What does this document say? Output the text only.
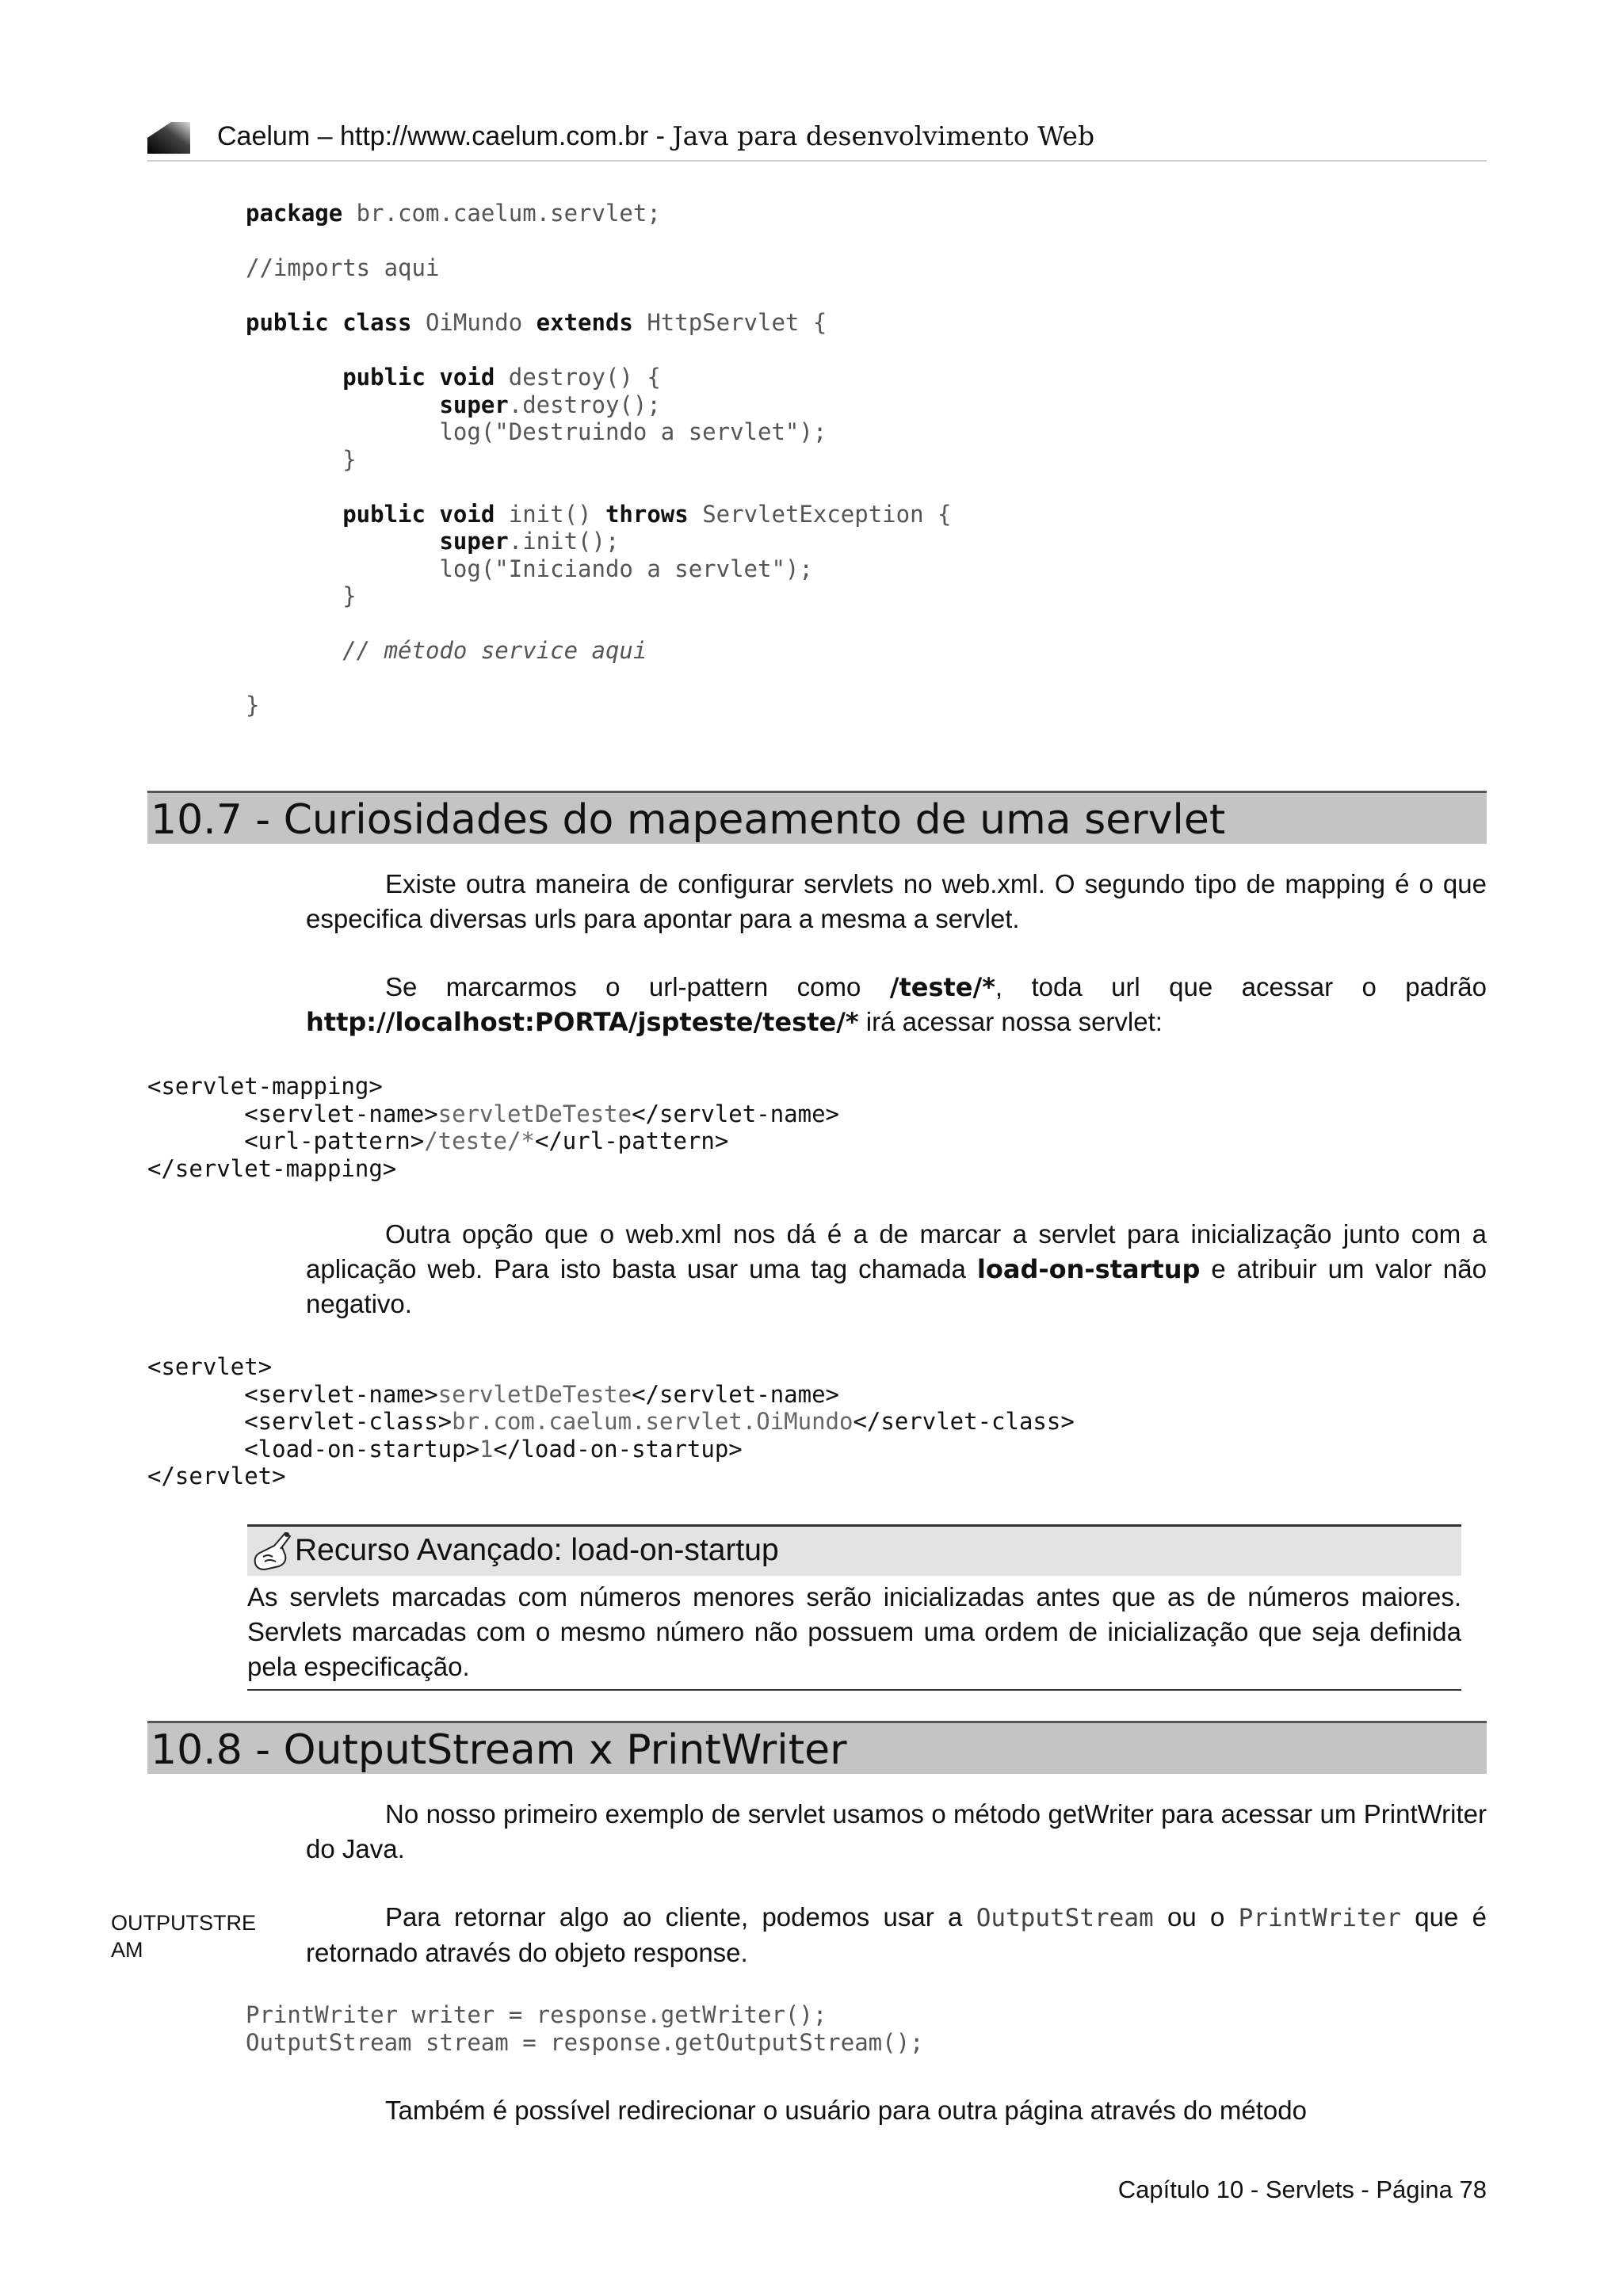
Caelum – http://www.caelum.com.br - Java para desenvolvimento Web
package br.com.caelum.servlet;

//imports aqui

public class OiMundo extends HttpServlet {

public void destroy() {
super.destroy();
log("Destruindo a servlet");
}

public void init() throws ServletException {
super.init();
log("Iniciando a servlet");
}

// método service aqui

}
10.7 - Curiosidades do mapeamento de uma servlet
Existe outra maneira de configurar servlets no web.xml. O segundo tipo de mapping é o que especifica diversas urls para apontar para a mesma a servlet.
Se marcarmos o url-pattern como /teste/*, toda url que acessar o padrão http://localhost:PORTA/jspteste/teste/* irá acessar nossa servlet:
<servlet-mapping>
<servlet-name>servletDeTeste</servlet-name>
<url-pattern>/teste/*</url-pattern>
</servlet-mapping>
Outra opção que o web.xml nos dá é a de marcar a servlet para inicialização junto com a aplicação web. Para isto basta usar uma tag chamada load-on-startup e atribuir um valor não negativo.
<servlet>
<servlet-name>servletDeTeste</servlet-name>
<servlet-class>br.com.caelum.servlet.OiMundo</servlet-class>
<load-on-startup>1</load-on-startup>
</servlet>
Recurso Avançado: load-on-startup
As servlets marcadas com números menores serão inicializadas antes que as de números maiores. Servlets marcadas com o mesmo número não possuem uma ordem de inicialização que seja definida pela especificação.
10.8 - OutputStream x PrintWriter
No nosso primeiro exemplo de servlet usamos o método getWriter para acessar um PrintWriter do Java.
OUTPUTSTREAM
Para retornar algo ao cliente, podemos usar a OutputStream ou o PrintWriter que é retornado através do objeto response.
PrintWriter writer = response.getWriter();
OutputStream stream = response.getOutputStream();
Também é possível redirecionar o usuário para outra página através do método
Capítulo 10 - Servlets - Página 78
